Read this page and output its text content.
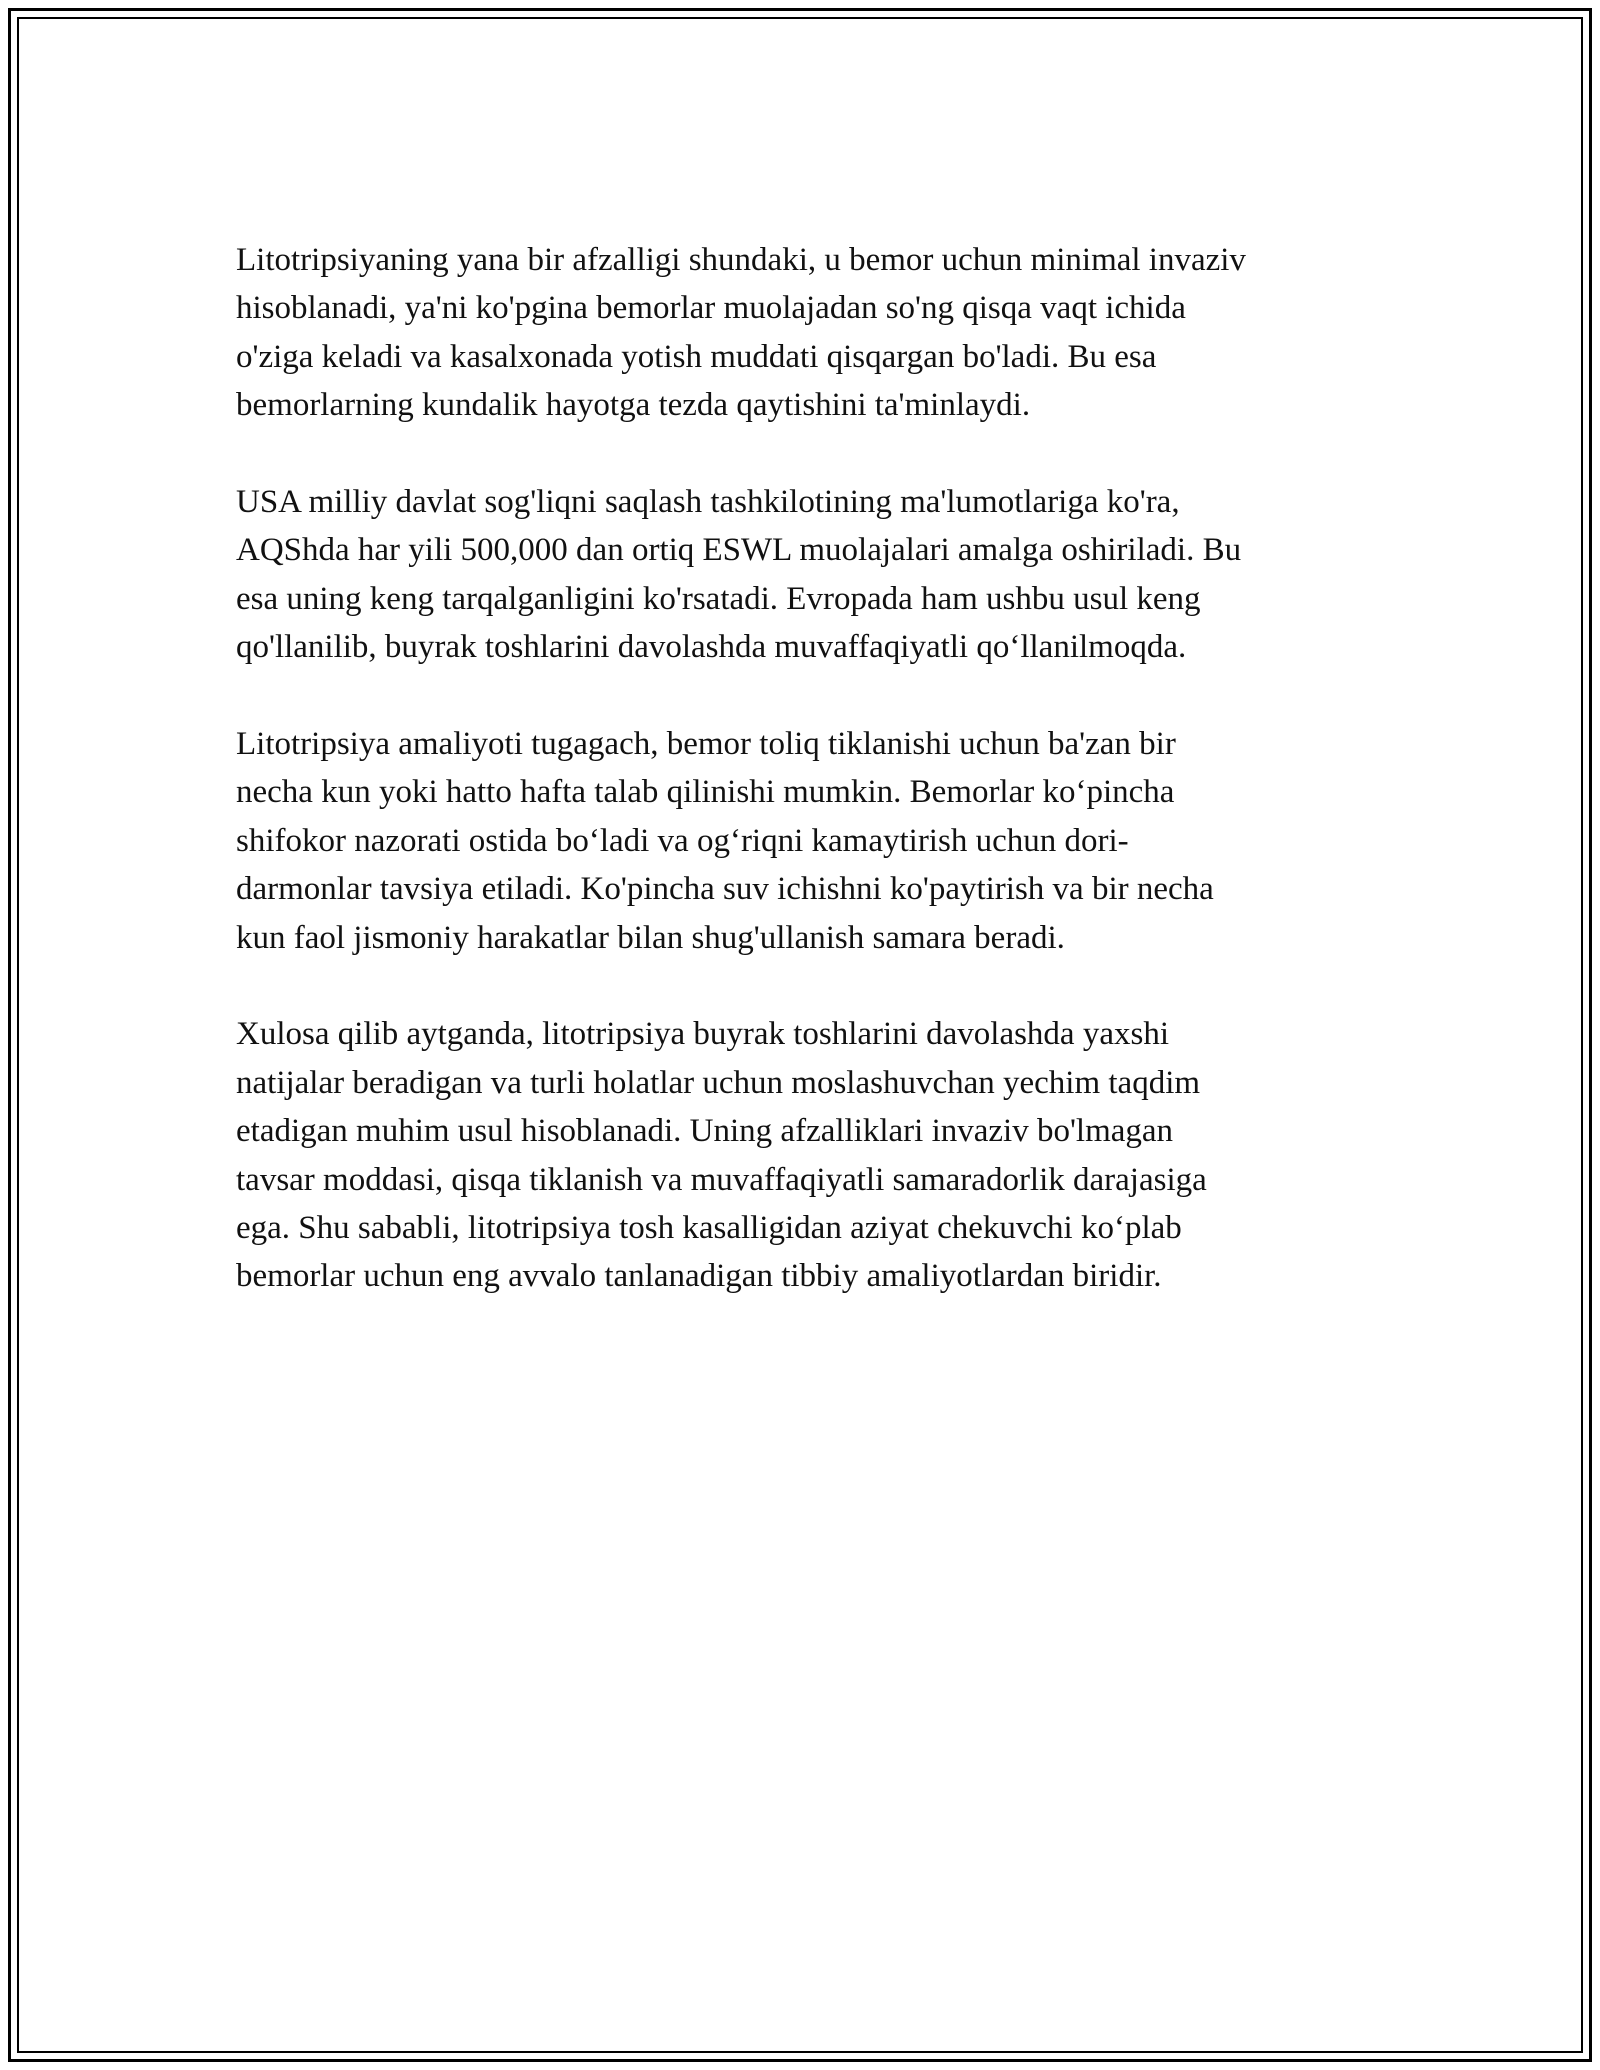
Litotripsiyaning yana bir afzalligi shundaki, u bemor uchun minimal invaziv
hisoblanadi, ya'ni ko'pgina bemorlar muolajadan so'ng qisqa vaqt ichida
o'ziga keladi va kasalxonada yotish muddati qisqargan bo'ladi. Bu esa
bemorlarning kundalik hayotga tezda qaytishini ta'minlaydi.

USA milliy davlat sog'liqni saqlash tashkilotining ma'lumotlariga ko'ra,
AQShda har yili 500,000 dan ortiq ESWL muolajalari amalga oshiriladi. Bu
esa uning keng tarqalganligini ko'rsatadi. Evropada ham ushbu usul keng
qo'llanilib, buyrak toshlarini davolashda muvaffaqiyatli qo‘llanilmoqda.

Litotripsiya amaliyoti tugagach, bemor toliq tiklanishi uchun ba'zan bir
necha kun yoki hatto hafta talab qilinishi mumkin. Bemorlar ko‘pincha
shifokor nazorati ostida bo‘ladi va og‘riqni kamaytirish uchun dori-
darmonlar tavsiya etiladi. Ko'pincha suv ichishni ko'paytirish va bir necha
kun faol jismoniy harakatlar bilan shug'ullanish samara beradi.

Xulosa qilib aytganda, litotripsiya buyrak toshlarini davolashda yaxshi
natijalar beradigan va turli holatlar uchun moslashuvchan yechim taqdim
etadigan muhim usul hisoblanadi. Uning afzalliklari invaziv bo'lmagan
tavsar moddasi, qisqa tiklanish va muvaffaqiyatli samaradorlik darajasiga
ega. Shu sababli, litotripsiya tosh kasalligidan aziyat chekuvchi ko‘plab
bemorlar uchun eng avvalo tanlanadigan tibbiy amaliyotlardan biridir.
